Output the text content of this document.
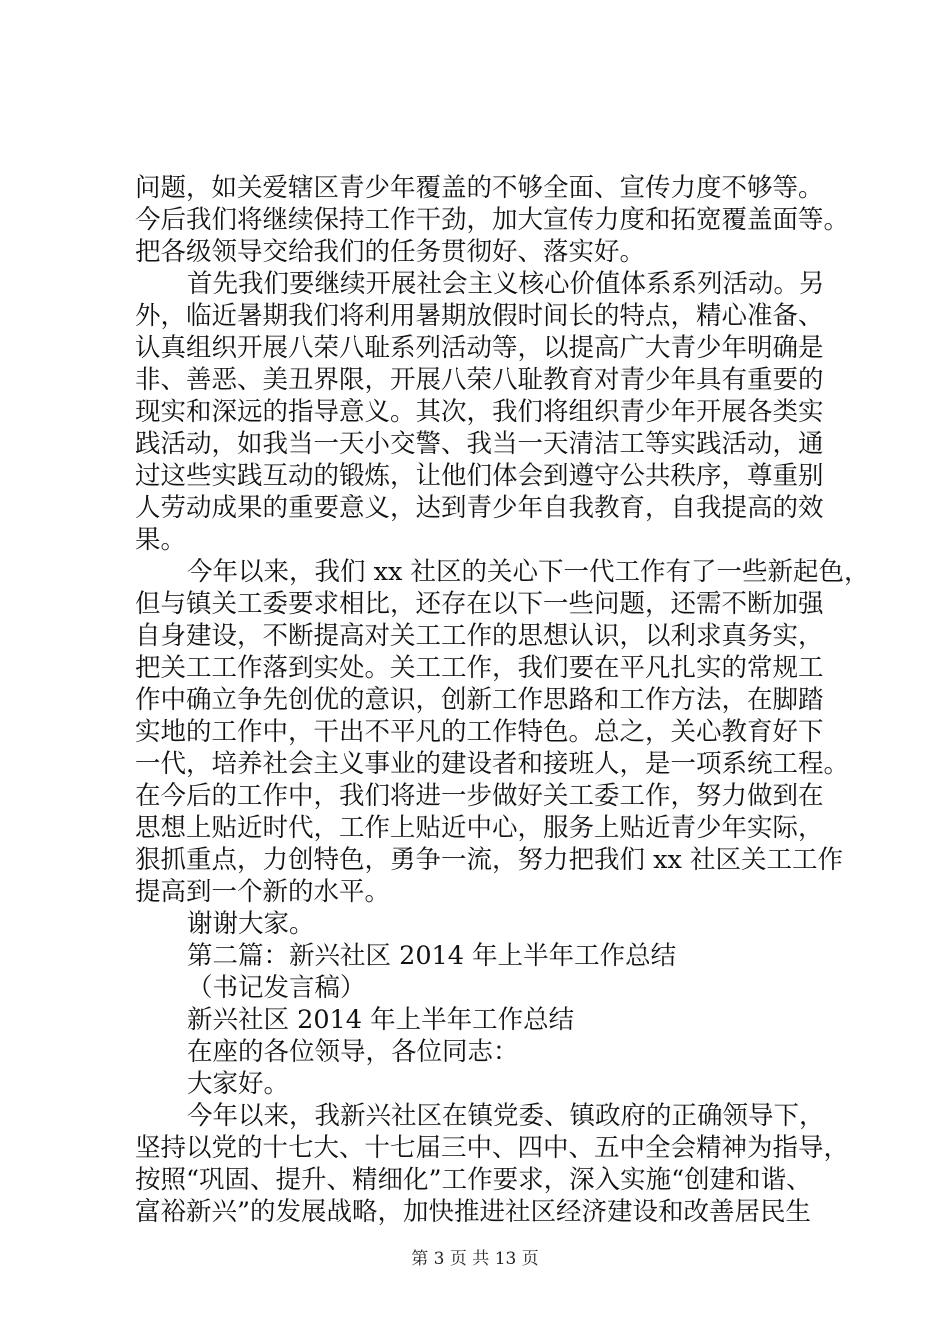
问题，如关爱辖区青少年覆盖的不够全面、宣传力度不够等。
今后我们将继续保持工作干劲，加大宣传力度和拓宽覆盖面等。
把各级领导交给我们的任务贯彻好、落实好。
首先我们要继续开展社会主义核心价值体系系列活动。另
外，临近暑期我们将利用暑期放假时间长的特点，精心准备、
认真组织开展八荣八耻系列活动等，以提高广大青少年明确是
非、善恶、美丑界限，开展八荣八耻教育对青少年具有重要的
现实和深远的指导意义。其次，我们将组织青少年开展各类实
践活动，如我当一天小交警、我当一天清洁工等实践活动，通
过这些实践互动的锻炼，让他们体会到遵守公共秩序，尊重别
人劳动成果的重要意义，达到青少年自我教育，自我提高的效
果。
今年以来，我们 xx 社区的关心下一代工作有了一些新起色，
但与镇关工委要求相比，还存在以下一些问题，还需不断加强
自身建设，不断提高对关工工作的思想认识，以利求真务实，
把关工工作落到实处。关工工作，我们要在平凡扎实的常规工
作中确立争先创优的意识，创新工作思路和工作方法，在脚踏
实地的工作中，干出不平凡的工作特色。总之，关心教育好下
一代，培养社会主义事业的建设者和接班人，是一项系统工程。
在今后的工作中，我们将进一步做好关工委工作，努力做到在
思想上贴近时代，工作上贴近中心，服务上贴近青少年实际，
狠抓重点，力创特色，勇争一流，努力把我们 xx 社区关工工作
提高到一个新的水平。
谢谢大家。
第二篇：新兴社区 2014 年上半年工作总结
（书记发言稿）
新兴社区 2014 年上半年工作总结
在座的各位领导，各位同志：
大家好。
今年以来，我新兴社区在镇党委、镇政府的正确领导下，
坚持以党的十七大、十七届三中、四中、五中全会精神为指导，
按照“巩固、提升、精细化”工作要求，深入实施“创建和谐、
富裕新兴”的发展战略，加快推进社区经济建设和改善居民生
第 3 页 共 13 页
